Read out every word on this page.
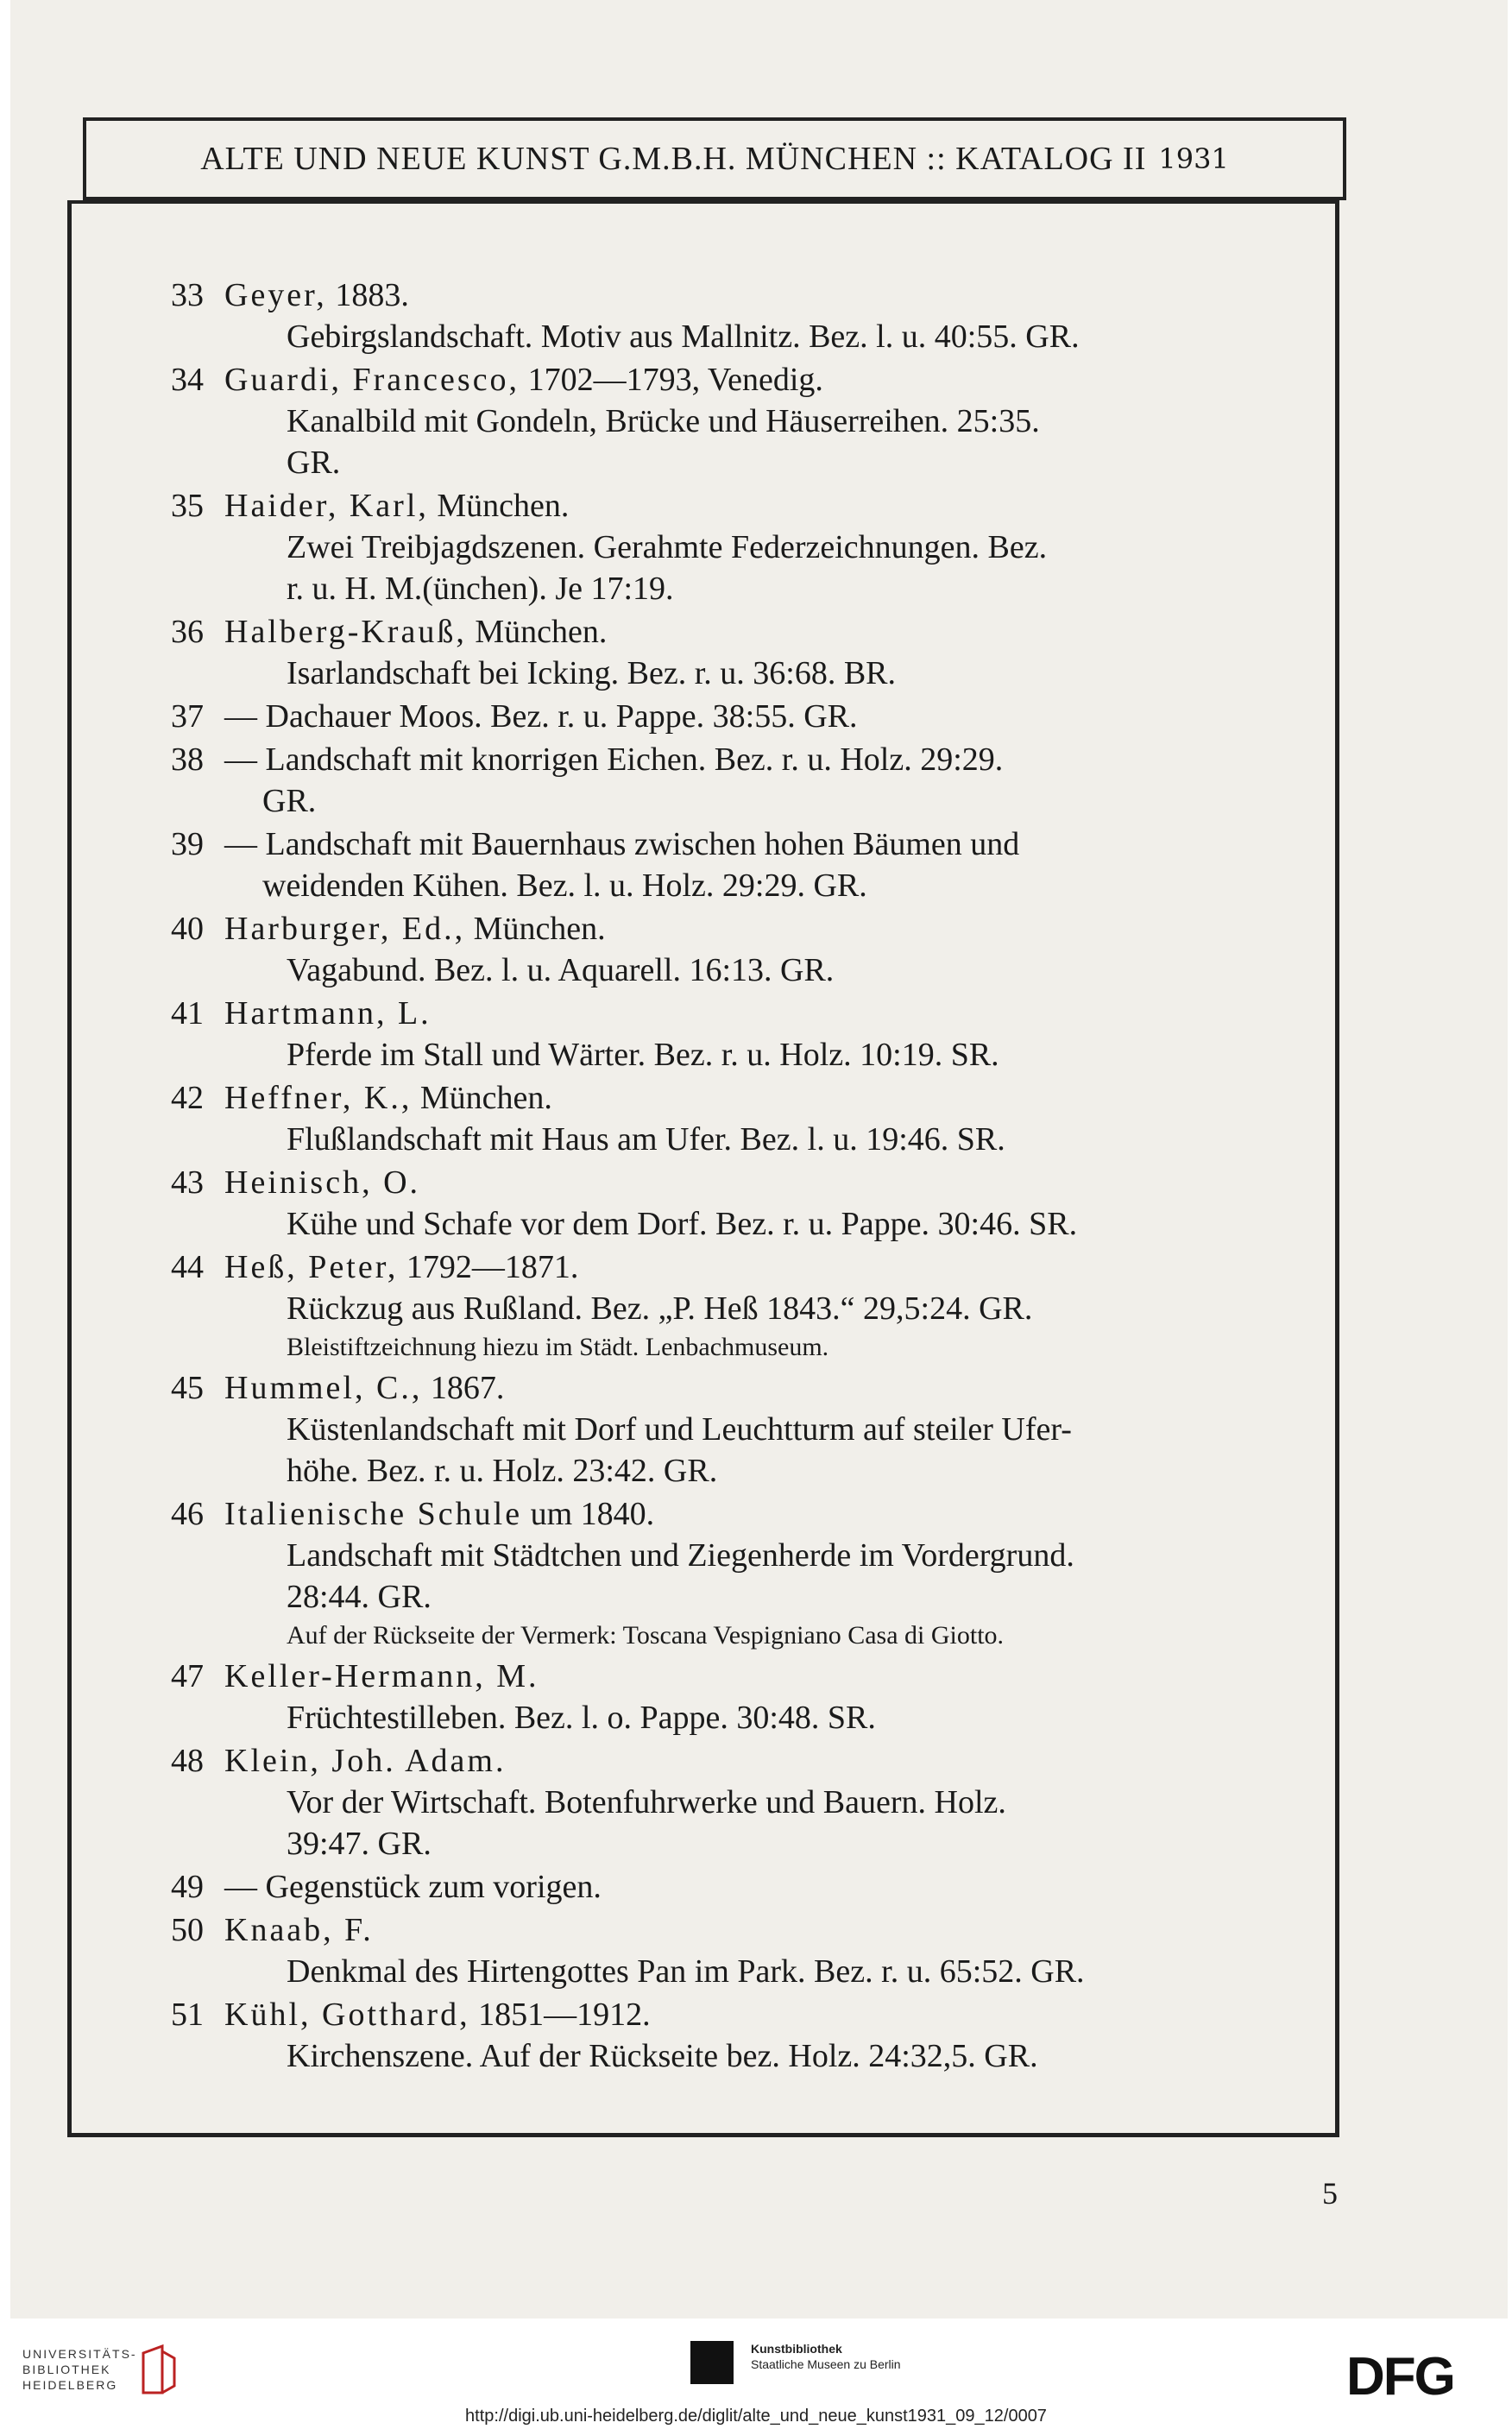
ALTE UND NEUE KUNST G.M.B.H. MÜNCHEN :: KATALOG II 1931
33 Geyer, 1883.
Gebirgslandschaft. Motiv aus Mallnitz. Bez. l. u. 40:55. GR.
34 Guardi, Francesco, 1702—1793, Venedig.
Kanalbild mit Gondeln, Brücke und Häuserreihen. 25:35.
GR.
35 Haider, Karl, München.
Zwei Treibjagdszenen. Gerahmte Federzeichnungen. Bez.
r. u. H. M.(ünchen). Je 17:19.
36 Halberg-Krauß, München.
Isarlandschaft bei Icking. Bez. r. u. 36:68. BR.
37 — Dachauer Moos. Bez. r. u. Pappe. 38:55. GR.
38 — Landschaft mit knorrigen Eichen. Bez. r. u. Holz. 29:29.
GR.
39 — Landschaft mit Bauernhaus zwischen hohen Bäumen und
weidenden Kühen. Bez. l. u. Holz. 29:29. GR.
40 Harburger, Ed., München.
Vagabund. Bez. l. u. Aquarell. 16:13. GR.
41 Hartmann, L.
Pferde im Stall und Wärter. Bez. r. u. Holz. 10:19. SR.
42 Heffner, K., München.
Flußlandschaft mit Haus am Ufer. Bez. l. u. 19:46. SR.
43 Heinisch, O.
Kühe und Schafe vor dem Dorf. Bez. r. u. Pappe. 30:46. SR.
44 Heß, Peter, 1792—1871.
Rückzug aus Rußland. Bez. „P. Heß 1843.“ 29,5:24. GR.
Bleistiftzeichnung hiezu im Städt. Lenbachmuseum.
45 Hummel, C., 1867.
Küstenlandschaft mit Dorf und Leuchtturm auf steiler Ufer-
höhe. Bez. r. u. Holz. 23:42. GR.
46 Italienische Schule um 1840.
Landschaft mit Städtchen und Ziegenherde im Vordergrund.
28:44. GR.
Auf der Rückseite der Vermerk: Toscana Vespigniano Casa di Giotto.
47 Keller-Hermann, M.
Früchtestilleben. Bez. l. o. Pappe. 30:48. SR.
48 Klein, Joh. Adam.
Vor der Wirtschaft. Botenfuhrwerke und Bauern. Holz.
39:47. GR.
49 — Gegenstück zum vorigen.
50 Knaab, F.
Denkmal des Hirtengottes Pan im Park. Bez. r. u. 65:52. GR.
51 Kühl, Gotthard, 1851—1912.
Kirchenszene. Auf der Rückseite bez. Holz. 24:32,5. GR.
5
UNIVERSITÄTS-
BIBLIOTHEK
HEIDELBERG
Kunstbibliothek
Staatliche Museen zu Berlin	DFG
http://digi.ub.uni-heidelberg.de/diglit/alte_und_neue_kunst1931_09_12/0007
